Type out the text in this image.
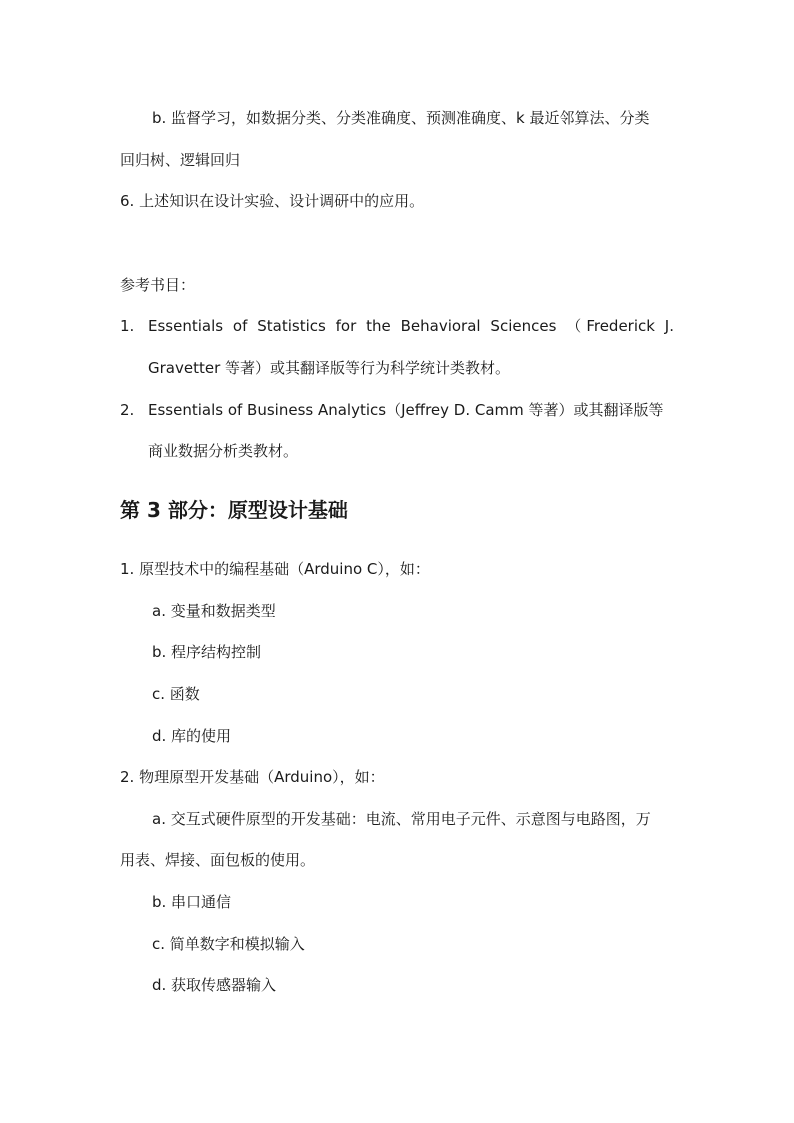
b. 监督学习，如数据分类、分类准确度、预测准确度、k 最近邻算法、分类
回归树、逻辑回归
6. 上述知识在设计实验、设计调研中的应用。
参考书目：
1. Essentials of Statistics for the Behavioral Sciences （Frederick J.
Gravetter 等著）或其翻译版等行为科学统计类教材。
2. Essentials of Business Analytics（Jeffrey D. Camm 等著）或其翻译版等
商业数据分析类教材。
第 3 部分：原型设计基础
1. 原型技术中的编程基础（Arduino C），如：
a. 变量和数据类型
b. 程序结构控制
c. 函数
d. 库的使用
2. 物理原型开发基础（Arduino），如：
a. 交互式硬件原型的开发基础：电流、常用电子元件、示意图与电路图，万
用表、焊接、面包板的使用。
b. 串口通信
c. 简单数字和模拟输入
d. 获取传感器输入
